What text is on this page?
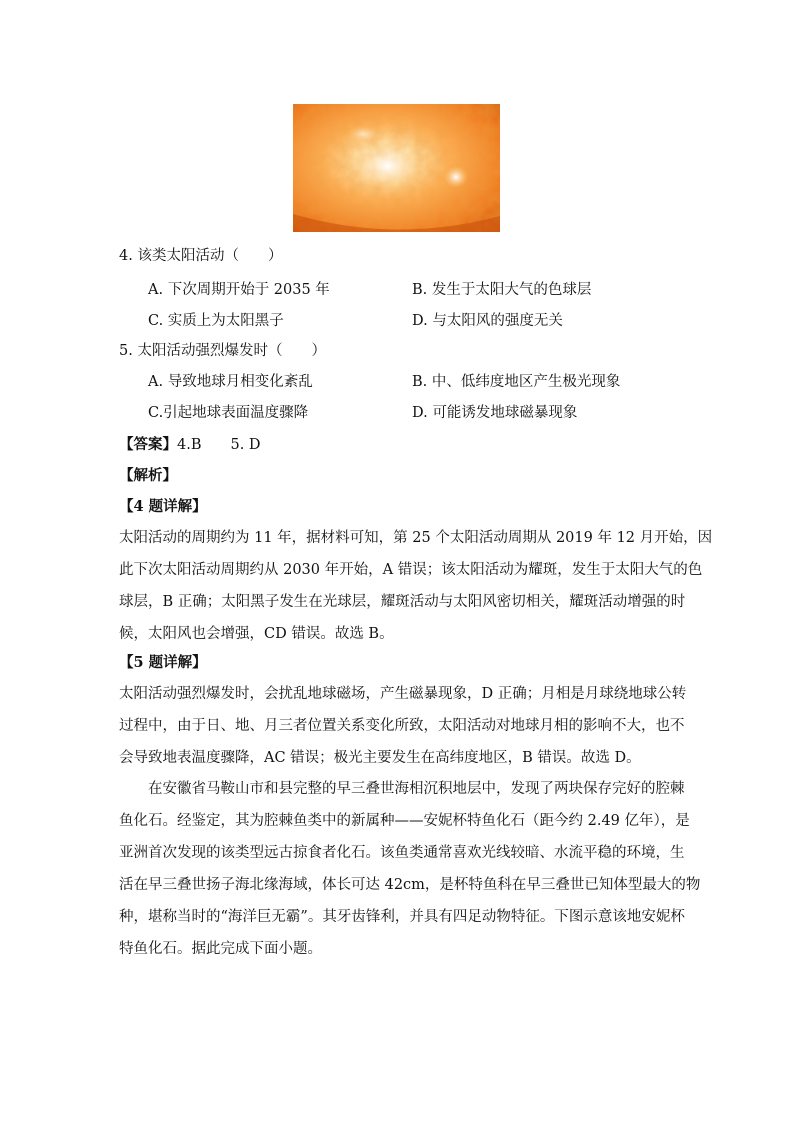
4. 该类太阳活动（　　）
A. 下次周期开始于 2035 年	B. 发生于太阳大气的色球层
C. 实质上为太阳黑子	D. 与太阳风的强度无关
5. 太阳活动强烈爆发时（　　）
A. 导致地球月相变化紊乱	B. 中、低纬度地区产生极光现象
C.引起地球表面温度骤降	D. 可能诱发地球磁暴现象
【答案】4.B　　5. D
【解析】
【4 题详解】
太阳活动的周期约为 11 年，据材料可知，第 25 个太阳活动周期从 2019 年 12 月开始，因
此下次太阳活动周期约从 2030 年开始，A 错误；该太阳活动为耀斑，发生于太阳大气的色
球层，B 正确；太阳黑子发生在光球层，耀斑活动与太阳风密切相关，耀斑活动增强的时
候，太阳风也会增强，CD 错误。故选 B。
【5 题详解】
太阳活动强烈爆发时，会扰乱地球磁场，产生磁暴现象，D 正确；月相是月球绕地球公转
过程中，由于日、地、月三者位置关系变化所致，太阳活动对地球月相的影响不大，也不
会导致地表温度骤降，AC 错误；极光主要发生在高纬度地区，B 错误。故选 D。
　　在安徽省马鞍山市和县完整的早三叠世海相沉积地层中，发现了两块保存完好的腔棘
鱼化石。经鉴定，其为腔棘鱼类中的新属种——安妮杯特鱼化石（距今约 2.49 亿年），是
亚洲首次发现的该类型远古掠食者化石。该鱼类通常喜欢光线较暗、水流平稳的环境，生
活在早三叠世扬子海北缘海域，体长可达 42cm，是杯特鱼科在早三叠世已知体型最大的物
种，堪称当时的“海洋巨无霸”。其牙齿锋利，并具有四足动物特征。下图示意该地安妮杯
特鱼化石。据此完成下面小题。
